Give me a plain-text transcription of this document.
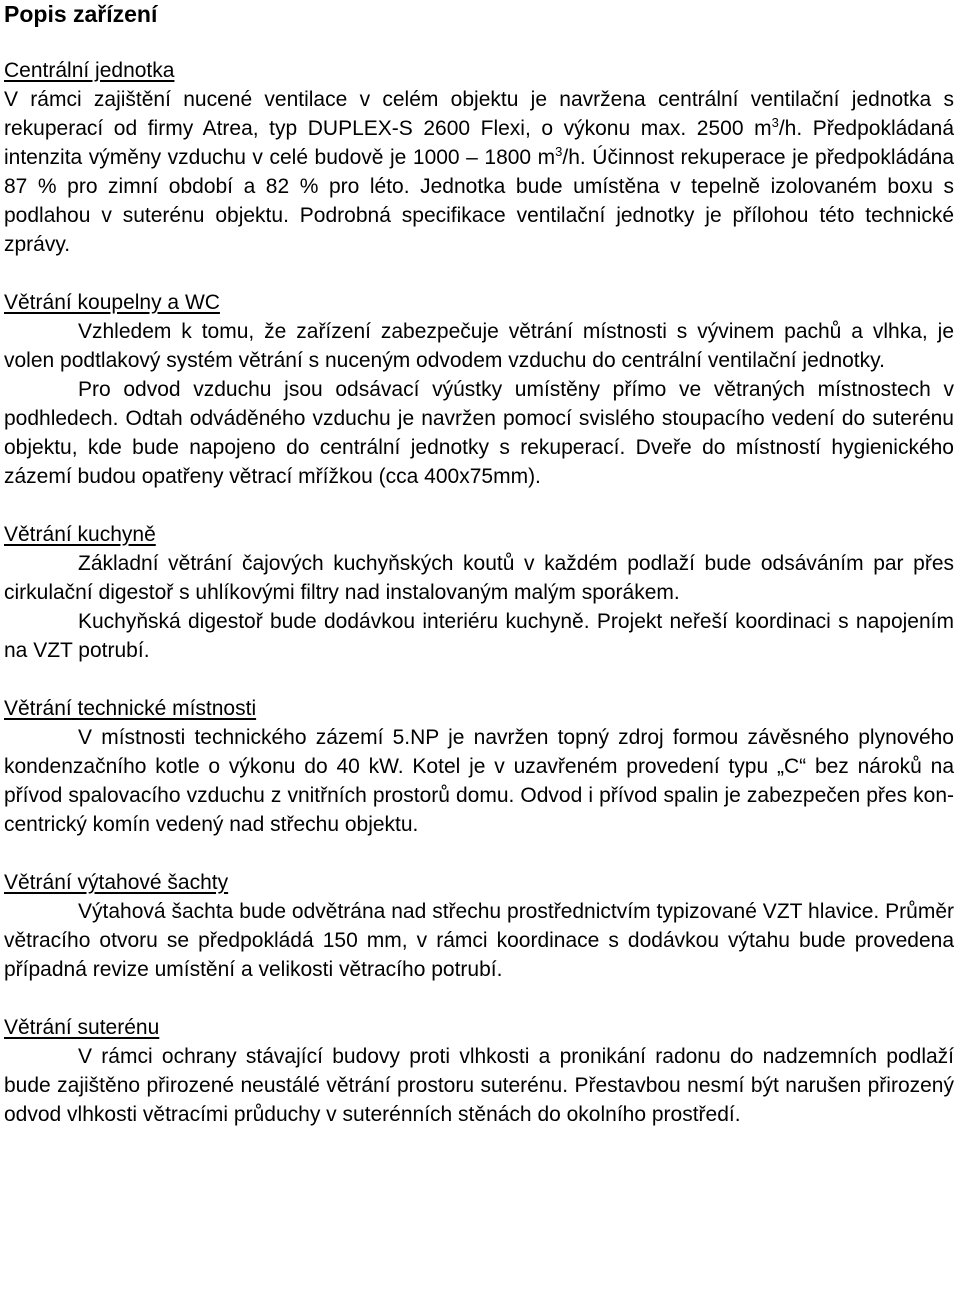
Popis zařízení
Centrální jednotka

V rámci zajištění nucené ventilace v celém objektu je navržena centrální ventilační jednotka s rekuperací od firmy Atrea, typ DUPLEX-S 2600 Flexi, o výkonu max. 2500 $m^3/h$. Předpokládaná intenzita výměny vzduchu v celé budově je 1000 – 1800 $m^3/h$. Účinnost rekuperace je předpokládána 87 % pro zimní období a 82 % pro léto. Jednotka bude umístěna v tepelně izolovaném boxu s podlahou v suterénu objektu. Podrobná specifikace ventilační jednotky je přílohou této technické zprávy.

Větrání koupelny a WC

Vzhledem k tomu, že zařízení zabezpečuje větrání místnosti s vývinem pachů a vlhka, je volen podtlakový systém větrání s nuceným odvodem vzduchu do centrální ventilační jednotky.

Pro odvod vzduchu jsou odsávací výústky umístěny přímo ve větraných místnostech v podhledech. Odtah odváděného vzduchu je navržen pomocí svislého stoupacího vedení do suterénu objektu, kde bude napojeno do centrální jednotky s rekuperací. Dveře do místností hygienického zázemí budou opatřeny větrací mřížkou (cca 400x75mm).

Větrání kuchyně

Základní větrání čajových kuchyňských koutů v každém podlaží bude odsáváním par přes cirkulační digestoř s uhlíkovými filtry nad instalovaným malým sporákem.

Kuchyňská digestoř bude dodávkou interiéru kuchyně. Projekt neřeší koordinaci s napojením na VZT potrubí.

Větrání technické místnosti

V místnosti technického zázemí 5.NP je navržen topný zdroj formou závěsného plynového kondenzačního kotle o výkonu do 40 kW. Kotel je v uzavřeném provedení typu „C“ bez nároků na přívod spalovacího vzduchu z vnitřních prostorů domu. Odvod i přívod spalin je zabezpečen přes kon-centrický komín vedený nad střechu objektu.

Větrání výtahové šachty

Výtahová šachta bude odvětrána nad střechu prostřednictvím typizované VZT hlavice. Průměr větracího otvoru se předpokládá 150 mm, v rámci koordinace s dodávkou výtahu bude provedena případná revize umístění a velikosti větracího potrubí.

Větrání suterénu

V rámci ochrany stávající budovy proti vlhkosti a pronikání radonu do nadzemních podlaží bude zajištěno přirozené neustálé větrání prostoru suterénu. Přestavbou nesmí být narušen přirozený odvod vlhkosti větracími průduchy v suterénních stěnách do okolního prostředí.
